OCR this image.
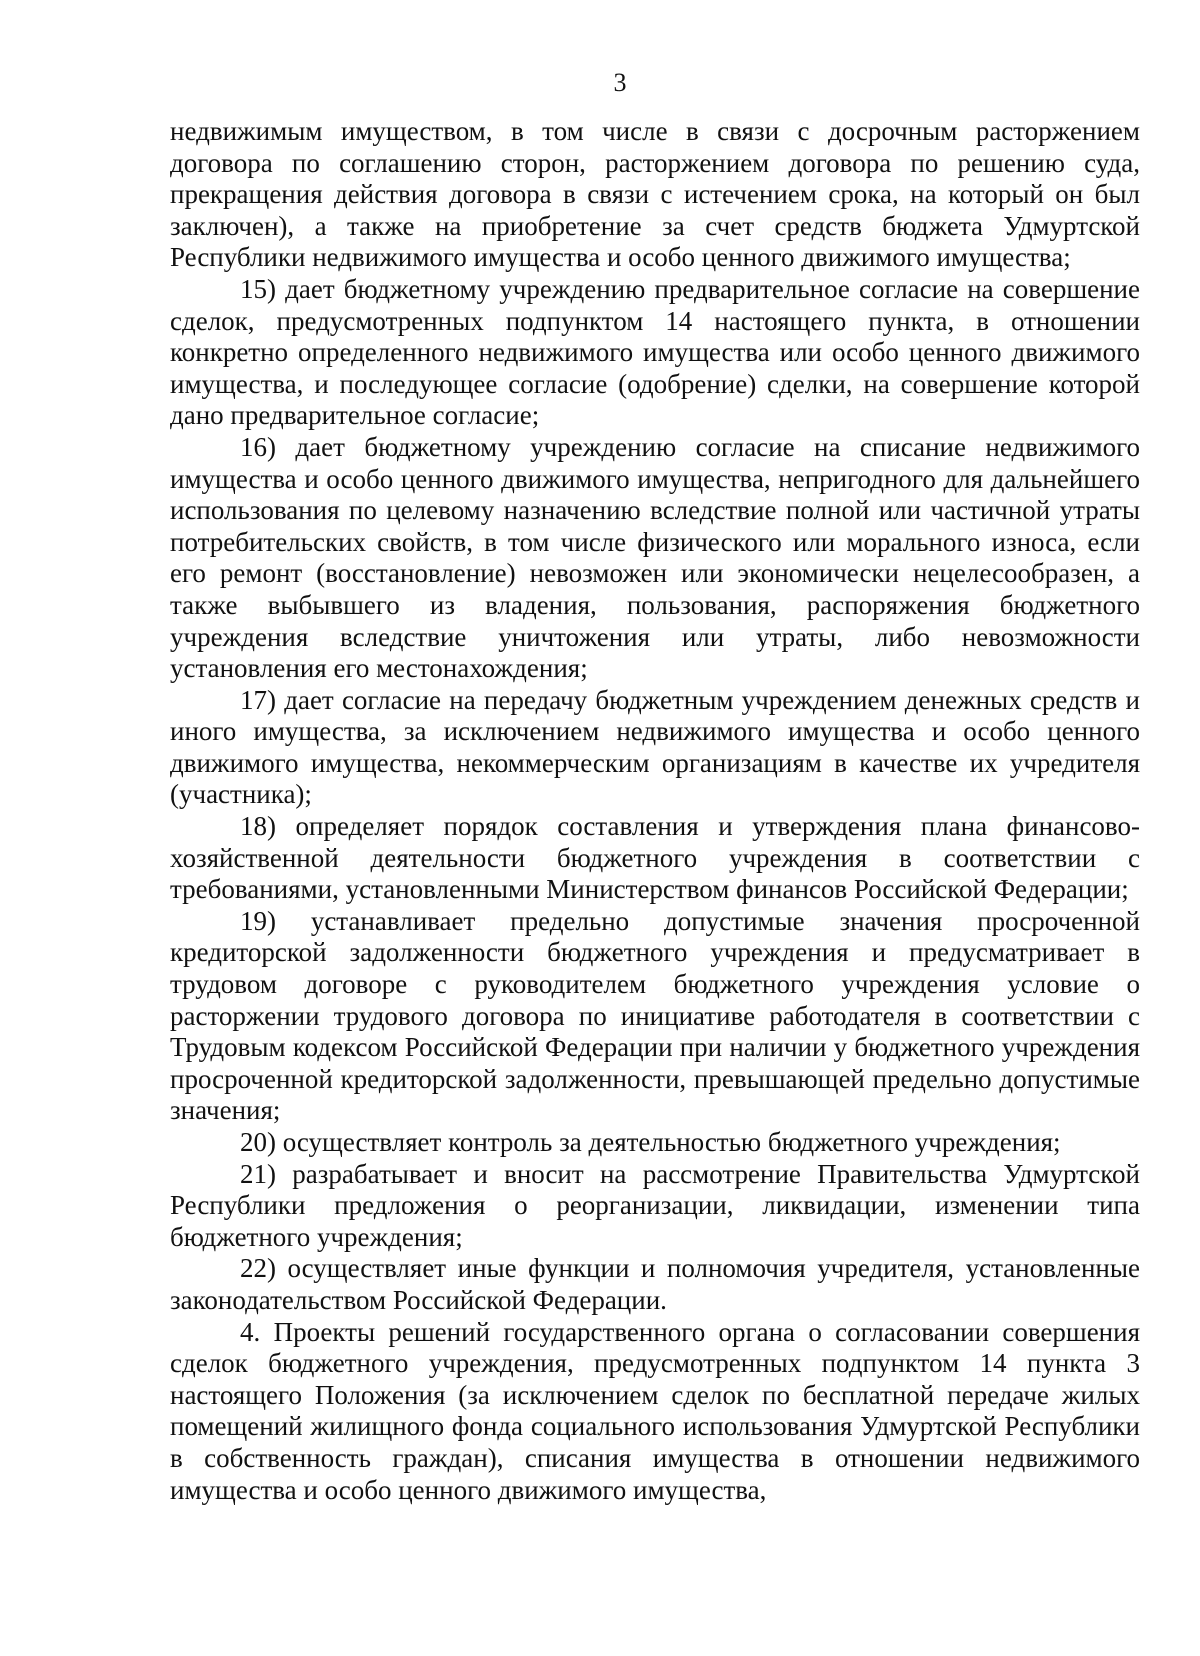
3

недвижимым имуществом, в том числе в связи с досрочным расторжением договора по соглашению сторон, расторжением договора по решению суда, прекращения действия договора в связи с истечением срока, на который он был заключен), а также на приобретение за счет средств бюджета Удмуртской Республики недвижимого имущества и особо ценного движимого имущества;

15) дает бюджетному учреждению предварительное согласие на совершение сделок, предусмотренных подпунктом 14 настоящего пункта, в отношении конкретно определенного недвижимого имущества или особо ценного движимого имущества, и последующее согласие (одобрение) сделки, на совершение которой дано предварительное согласие;

16) дает бюджетному учреждению согласие на списание недвижимого имущества и особо ценного движимого имущества, непригодного для дальнейшего использования по целевому назначению вследствие полной или частичной утраты потребительских свойств, в том числе физического или морального износа, если его ремонт (восстановление) невозможен или экономически нецелесообразен, а также выбывшего из владения, пользования, распоряжения бюджетного учреждения вследствие уничтожения или утраты, либо невозможности установления его местонахождения;

17) дает согласие на передачу бюджетным учреждением денежных средств и иного имущества, за исключением недвижимого имущества и особо ценного движимого имущества, некоммерческим организациям в качестве их учредителя (участника);

18) определяет порядок составления и утверждения плана финансово-хозяйственной деятельности бюджетного учреждения в соответствии с требованиями, установленными Министерством финансов Российской Федерации;

19) устанавливает предельно допустимые значения просроченной кредиторской задолженности бюджетного учреждения и предусматривает в трудовом договоре с руководителем бюджетного учреждения условие о расторжении трудового договора по инициативе работодателя в соответствии с Трудовым кодексом Российской Федерации при наличии у бюджетного учреждения просроченной кредиторской задолженности, превышающей предельно допустимые значения;

20) осуществляет контроль за деятельностью бюджетного учреждения;

21) разрабатывает и вносит на рассмотрение Правительства Удмуртской Республики предложения о реорганизации, ликвидации, изменении типа бюджетного учреждения;

22) осуществляет иные функции и полномочия учредителя, установленные законодательством Российской Федерации.

4. Проекты решений государственного органа о согласовании совершения сделок бюджетного учреждения, предусмотренных подпунктом 14 пункта 3 настоящего Положения (за исключением сделок по бесплатной передаче жилых помещений жилищного фонда социального использования Удмуртской Республики в собственность граждан), списания имущества в отношении недвижимого имущества и особо ценного движимого имущества,
